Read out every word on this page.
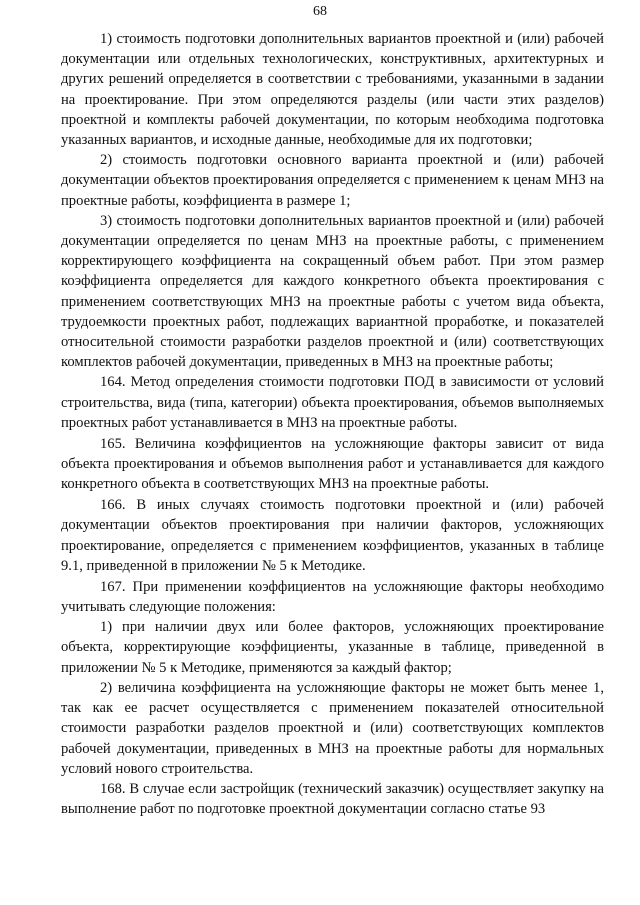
68

1) стоимость подготовки дополнительных вариантов проектной и (или) рабочей документации или отдельных технологических, конструктивных, архитектурных и других решений определяется в соответствии с требованиями, указанными в задании на проектирование. При этом определяются разделы (или части этих разделов) проектной и комплекты рабочей документации, по которым необходима подготовка указанных вариантов, и исходные данные, необходимые для их подготовки;

2) стоимость подготовки основного варианта проектной и (или) рабочей документации объектов проектирования определяется с применением к ценам МНЗ на проектные работы, коэффициента в размере 1;

3) стоимость подготовки дополнительных вариантов проектной и (или) рабочей документации определяется по ценам МНЗ на проектные работы, с применением корректирующего коэффициента на сокращенный объем работ. При этом размер коэффициента определяется для каждого конкретного объекта проектирования с применением соответствующих МНЗ на проектные работы с учетом вида объекта, трудоемкости проектных работ, подлежащих вариантной проработке, и показателей относительной стоимости разработки разделов проектной и (или) соответствующих комплектов рабочей документации, приведенных в МНЗ на проектные работы;

164. Метод определения стоимости подготовки ПОД в зависимости от условий строительства, вида (типа, категории) объекта проектирования, объемов выполняемых проектных работ устанавливается в МНЗ на проектные работы.

165. Величина коэффициентов на усложняющие факторы зависит от вида объекта проектирования и объемов выполнения работ и устанавливается для каждого конкретного объекта в соответствующих МНЗ на проектные работы.

166. В иных случаях стоимость подготовки проектной и (или) рабочей документации объектов проектирования при наличии факторов, усложняющих проектирование, определяется с применением коэффициентов, указанных в таблице 9.1, приведенной в приложении № 5 к Методике.

167. При применении коэффициентов на усложняющие факторы необходимо учитывать следующие положения:

1) при наличии двух или более факторов, усложняющих проектирование объекта, корректирующие коэффициенты, указанные в таблице, приведенной в приложении № 5 к Методике, применяются за каждый фактор;

2) величина коэффициента на усложняющие факторы не может быть менее 1, так как ее расчет осуществляется с применением показателей относительной стоимости разработки разделов проектной и (или) соответствующих комплектов рабочей документации, приведенных в МНЗ на проектные работы для нормальных условий нового строительства.

168. В случае если застройщик (технический заказчик) осуществляет закупку на выполнение работ по подготовке проектной документации согласно статье 93
